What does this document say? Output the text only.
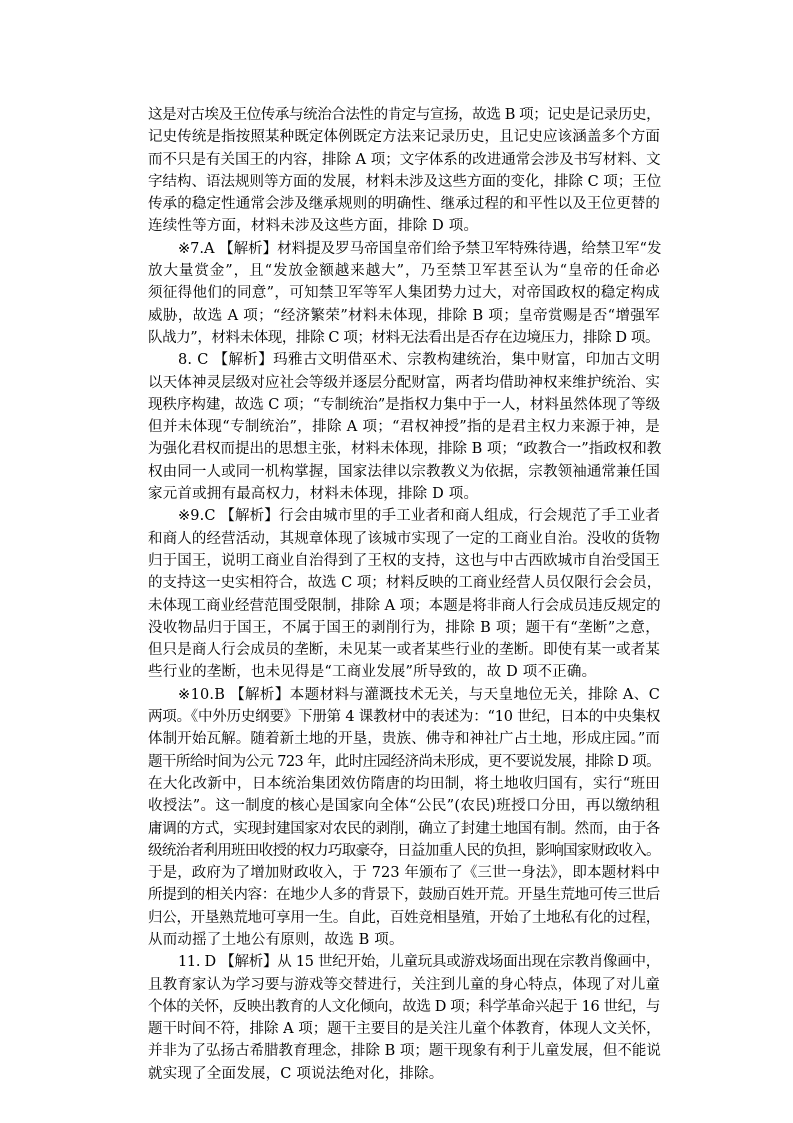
这是对古埃及王位传承与统治合法性的肯定与宣扬，故选 B 项；记史是记录历史，
记史传统是指按照某种既定体例既定方法来记录历史，且记史应该涵盖多个方面
而不只是有关国王的内容，排除 A 项；文字体系的改进通常会涉及书写材料、文
字结构、语法规则等方面的发展，材料未涉及这些方面的变化，排除 C 项；王位
传承的稳定性通常会涉及继承规则的明确性、继承过程的和平性以及王位更替的
连续性等方面，材料未涉及这些方面，排除 D 项。
※7.A 【解析】材料提及罗马帝国皇帝们给予禁卫军特殊待遇，给禁卫军“发
放大量赏金”，且“发放金额越来越大”，乃至禁卫军甚至认为“皇帝的任命必
须征得他们的同意”，可知禁卫军等军人集团势力过大，对帝国政权的稳定构成
威胁，故选 A 项；“经济繁荣”材料未体现，排除 B 项；皇帝赏赐是否“增强军
队战力”，材料未体现，排除 C 项；材料无法看出是否存在边境压力，排除 D 项。
8. C 【解析】玛雅古文明借巫术、宗教构建统治，集中财富，印加古文明
以天体神灵层级对应社会等级并逐层分配财富，两者均借助神权来维护统治、实
现秩序构建，故选 C 项；“专制统治”是指权力集中于一人，材料虽然体现了等级
但并未体现“专制统治”，排除 A 项；“君权神授”指的是君主权力来源于神，是
为强化君权而提出的思想主张，材料未体现，排除 B 项；“政教合一”指政权和教
权由同一人或同一机构掌握，国家法律以宗教教义为依据，宗教领袖通常兼任国
家元首或拥有最高权力，材料未体现，排除 D 项。
※9.C 【解析】行会由城市里的手工业者和商人组成，行会规范了手工业者
和商人的经营活动，其规章体现了该城市实现了一定的工商业自治。没收的货物
归于国王，说明工商业自治得到了王权的支持，这也与中古西欧城市自治受国王
的支持这一史实相符合，故选 C 项；材料反映的工商业经营人员仅限行会会员，
未体现工商业经营范围受限制，排除 A 项；本题是将非商人行会成员违反规定的
没收物品归于国王，不属于国王的剥削行为，排除 B 项；题干有“垄断”之意，
但只是商人行会成员的垄断，未见某一或者某些行业的垄断。即使有某一或者某
些行业的垄断，也未见得是“工商业发展”所导致的，故 D 项不正确。
※10.B 【解析】本题材料与灌溉技术无关，与天皇地位无关，排除 A、C
两项。《中外历史纲要》下册第 4 课教材中的表述为：“10 世纪，日本的中央集权
体制开始瓦解。随着新土地的开垦，贵族、佛寺和神社广占土地，形成庄园。”而
题干所给时间为公元 723 年，此时庄园经济尚未形成，更不要说发展，排除 D 项。
在大化改新中，日本统治集团效仿隋唐的均田制，将土地收归国有，实行“班田
收授法”。这一制度的核心是国家向全体“公民”(农民)班授口分田，再以缴纳租
庸调的方式，实现封建国家对农民的剥削，确立了封建土地国有制。然而，由于各
级统治者利用班田收授的权力巧取豪夺，日益加重人民的负担，影响国家财政收入。
于是，政府为了增加财政收入，于 723 年颁布了《三世一身法》，即本题材料中
所提到的相关内容：在地少人多的背景下，鼓励百姓开荒。开垦生荒地可传三世后
归公，开垦熟荒地可享用一生。自此，百姓竞相垦殖，开始了土地私有化的过程，
从而动摇了土地公有原则，故选 B 项。
11. D 【解析】从 15 世纪开始，儿童玩具或游戏场面出现在宗教肖像画中，
且教育家认为学习要与游戏等交替进行，关注到儿童的身心特点，体现了对儿童
个体的关怀，反映出教育的人文化倾向，故选 D 项；科学革命兴起于 16 世纪，与
题干时间不符，排除 A 项；题干主要目的是关注儿童个体教育，体现人文关怀，
并非为了弘扬古希腊教育理念，排除 B 项；题干现象有利于儿童发展，但不能说
就实现了全面发展，C 项说法绝对化，排除。
